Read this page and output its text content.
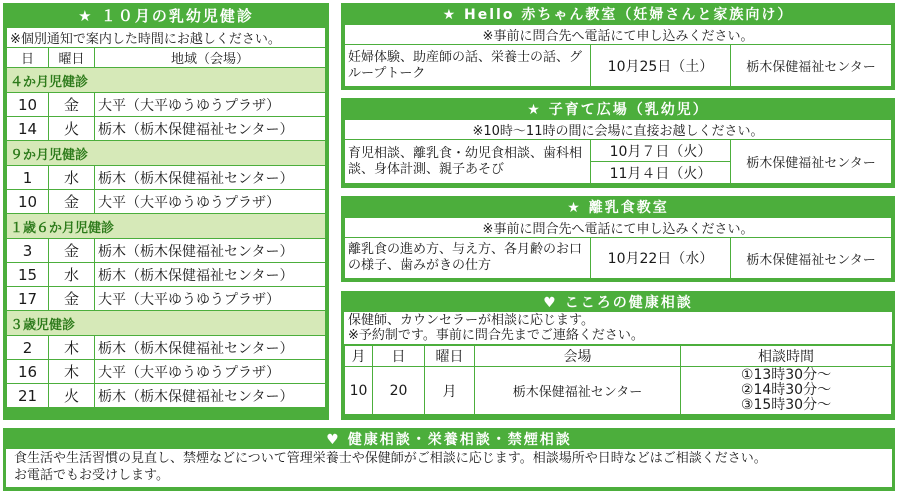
★ １０月の乳幼児健診
※個別通知で案内した時間にお越しください。		
日	曜日	地域（会場）
４か月児健診		
10	金	大平（大平ゆうゆうプラザ）
14	火	栃木（栃木保健福祉センター）
９か月児健診		
1	水	栃木（栃木保健福祉センター）
10	金	大平（大平ゆうゆうプラザ）
１歳６か月児健診		
3	金	栃木（栃木保健福祉センター）
15	水	栃木（栃木保健福祉センター）
17	金	大平（大平ゆうゆうプラザ）
３歳児健診		
2	木	栃木（栃木保健福祉センター）
16	木	大平（大平ゆうゆうプラザ）
21	火	栃木（栃木保健福祉センター）
★ Hello 赤ちゃん教室（妊婦さんと家族向け）
※事前に問合先へ電話にて申し込みください。
妊婦体験、助産師の話、栄養士の話、グループトーク	10月25日（土）	栃木保健福祉センター
★ 子育て広場（乳幼児）
※10時～11時の間に会場に直接お越しください。
育児相談、離乳食・幼児食相談、歯科相談、身体計測、親子あそび	10月７日（火）	栃木保健福祉センター
11月４日（火）
★ 離乳食教室
※事前に問合先へ電話にて申し込みください。
離乳食の進め方、与え方、各月齢のお口の様子、歯みがきの仕方	10月22日（水）	栃木保健福祉センター
♥ こころの健康相談
保健師、カウンセラーが相談に応じます。
※予約制です。事前に問合先までご連絡ください。
月	日	曜日	会場	相談時間
10	20	月	栃木保健福祉センター	①13時30分～
②14時30分～
③15時30分～
♥ 健康相談・栄養相談・禁煙相談
食生活や生活習慣の見直し、禁煙などについて管理栄養士や保健師がご相談に応じます。相談場所や日時などはご相談ください。
お電話でもお受けします。
